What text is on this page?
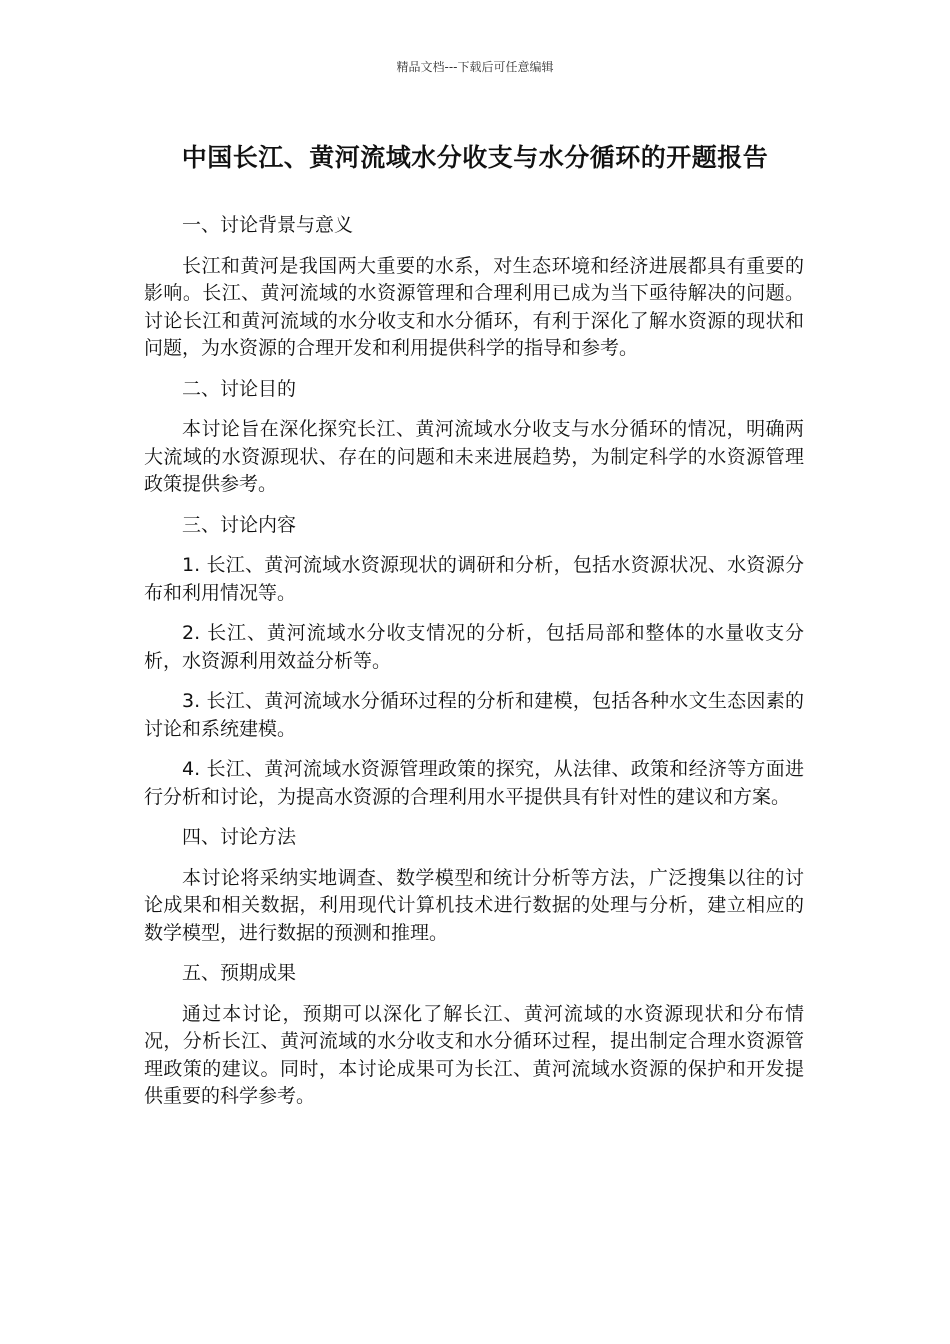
精品文档---下载后可任意编辑
中国长江、黄河流域水分收支与水分循环的开题报告

一、讨论背景与意义

长江和黄河是我国两大重要的水系，对生态环境和经济进展都具有重要的影响。长江、黄河流域的水资源管理和合理利用已成为当下亟待解决的问题。讨论长江和黄河流域的水分收支和水分循环，有利于深化了解水资源的现状和问题，为水资源的合理开发和利用提供科学的指导和参考。

二、讨论目的

本讨论旨在深化探究长江、黄河流域水分收支与水分循环的情况，明确两大流域的水资源现状、存在的问题和未来进展趋势，为制定科学的水资源管理政策提供参考。

三、讨论内容

1. 长江、黄河流域水资源现状的调研和分析，包括水资源状况、水资源分布和利用情况等。

2. 长江、黄河流域水分收支情况的分析，包括局部和整体的水量收支分析，水资源利用效益分析等。

3. 长江、黄河流域水分循环过程的分析和建模，包括各种水文生态因素的讨论和系统建模。

4. 长江、黄河流域水资源管理政策的探究，从法律、政策和经济等方面进行分析和讨论，为提高水资源的合理利用水平提供具有针对性的建议和方案。

四、讨论方法

本讨论将采纳实地调查、数学模型和统计分析等方法，广泛搜集以往的讨论成果和相关数据，利用现代计算机技术进行数据的处理与分析，建立相应的数学模型，进行数据的预测和推理。

五、预期成果

通过本讨论，预期可以深化了解长江、黄河流域的水资源现状和分布情况，分析长江、黄河流域的水分收支和水分循环过程，提出制定合理水资源管理政策的建议。同时，本讨论成果可为长江、黄河流域水资源的保护和开发提供重要的科学参考。
